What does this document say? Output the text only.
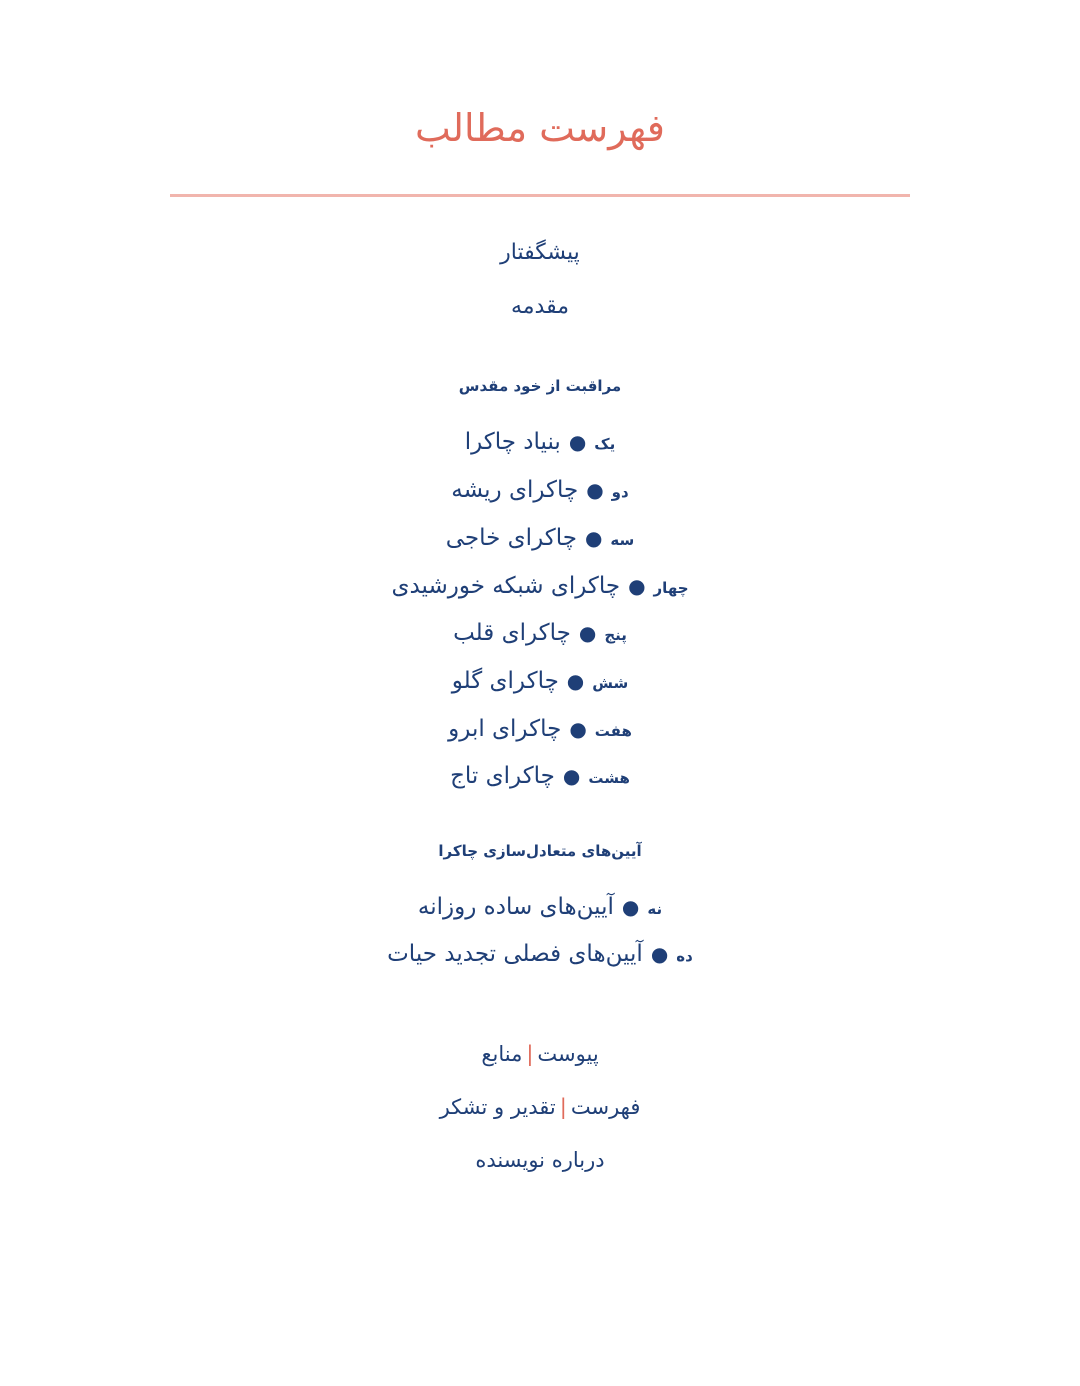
فهرست مطالب
پیشگفتار
مقدمه
مراقبت از خود مقدس
یک●بنیاد چاکرا
دو●چاکرای ریشه
سه●چاکرای خاجی
چهار●چاکرای شبکه خورشیدی
پنج●چاکرای قلب
شش●چاکرای گلو
هفت●چاکرای ابرو
هشت●چاکرای تاج
آیین‌های متعادل‌سازی چاکرا
نه●آیین‌های ساده روزانه
ده●آیین‌های فصلی تجدید حیات
پیوست|منابع
فهرست|تقدیر و تشکر
درباره نویسنده
